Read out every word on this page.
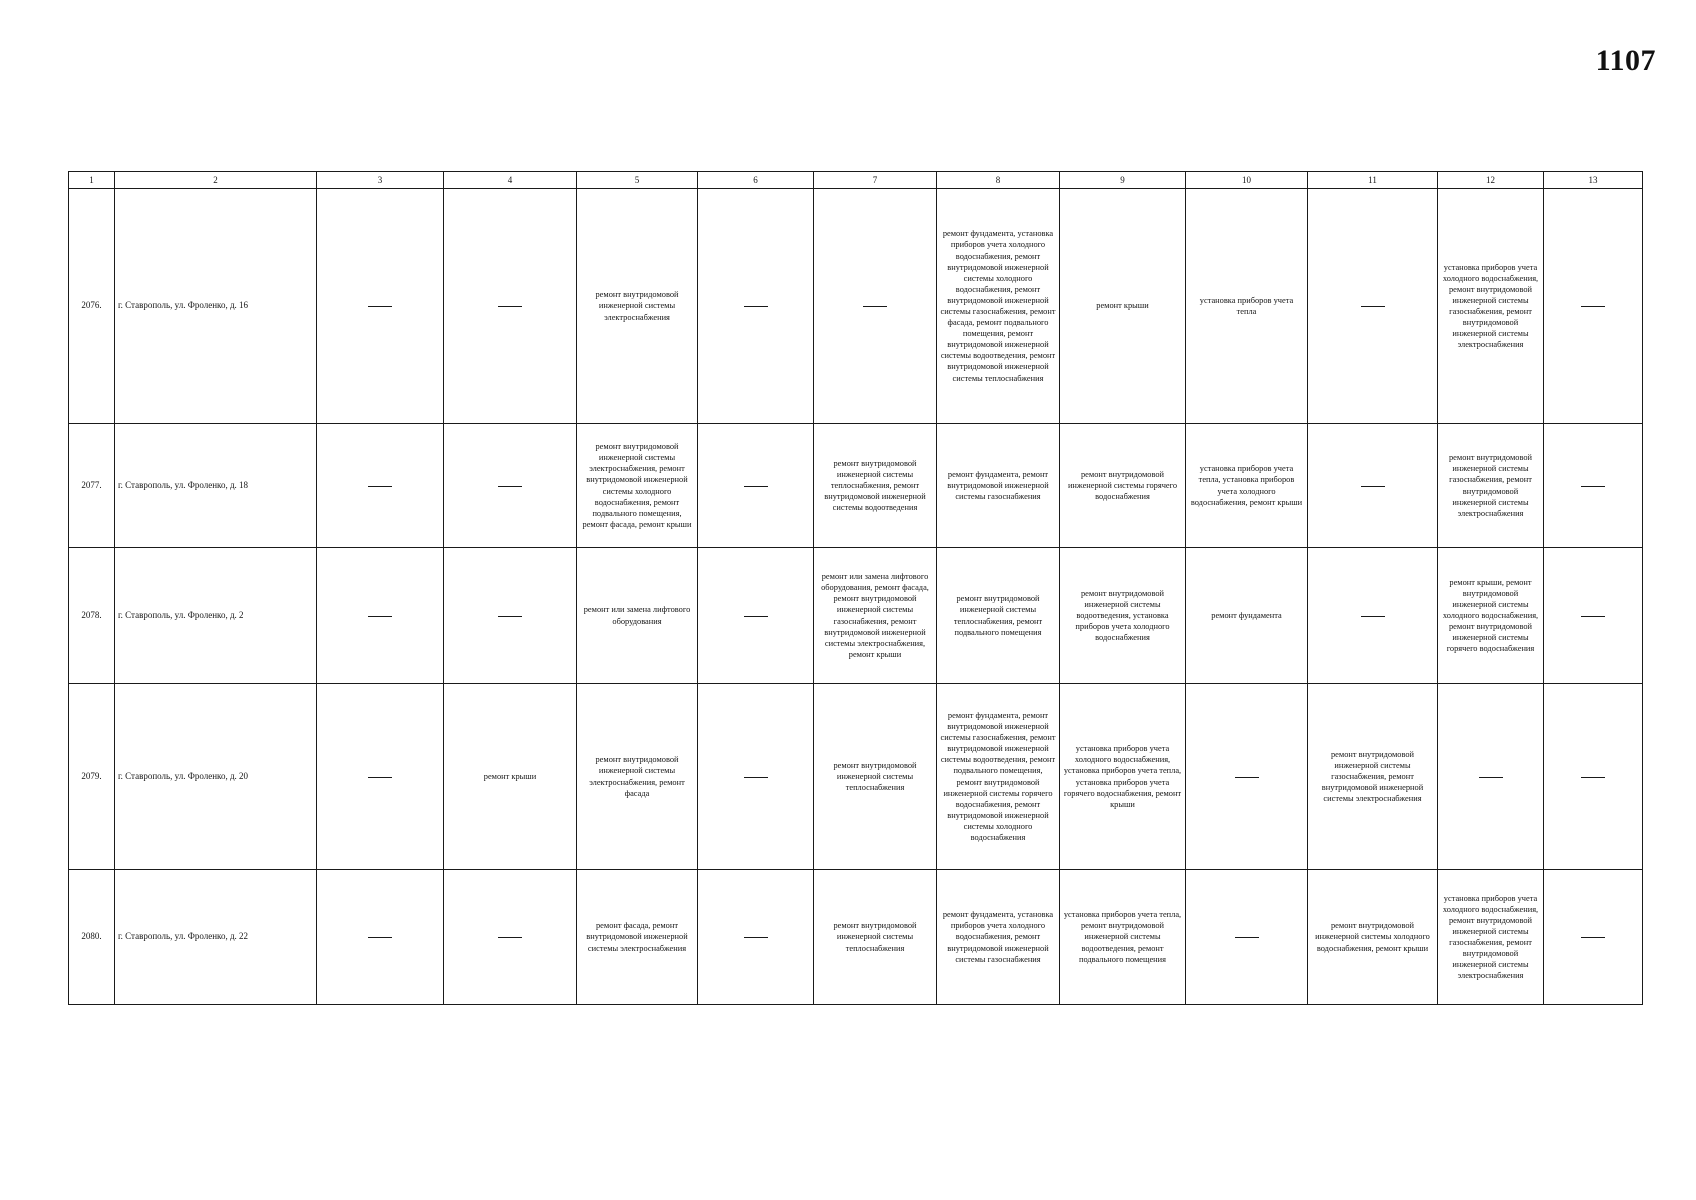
1107
1	2	3	4	5	6	7	8	9	10	11	12	13
2076.	г. Ставрополь, ул. Фроленко, д. 16			ремонт внутридомовой инженерной системы электроснабжения			ремонт фундамента, установка приборов учета холодного водоснабжения, ремонт внутридомовой инженерной системы холодного водоснабжения, ремонт внутридомовой инженерной системы газоснабжения, ремонт фасада, ремонт подвального помещения, ремонт внутридомовой инженерной системы водоотведения, ремонт внутридомовой инженерной системы теплоснабжения	ремонт крыши	установка приборов учета тепла		установка приборов учета холодного водоснабжения, ремонт внутридомовой инженерной системы газоснабжения, ремонт внутридомовой инженерной системы электроснабжения	
2077.	г. Ставрополь, ул. Фроленко, д. 18			ремонт внутридомовой инженерной системы электроснабжения, ремонт внутридомовой инженерной системы холодного водоснабжения, ремонт подвального помещения, ремонт фасада, ремонт крыши		ремонт внутридомовой инженерной системы теплоснабжения, ремонт внутридомовой инженерной системы водоотведения	ремонт фундамента, ремонт внутридомовой инженерной системы газоснабжения	ремонт внутридомовой инженерной системы горячего водоснабжения	установка приборов учета тепла, установка приборов учета холодного водоснабжения, ремонт крыши		ремонт внутридомовой инженерной системы газоснабжения, ремонт внутридомовой инженерной системы электроснабжения	
2078.	г. Ставрополь, ул. Фроленко, д. 2			ремонт или замена лифтового оборудования		ремонт или замена лифтового оборудования, ремонт фасада, ремонт внутридомовой инженерной системы газоснабжения, ремонт внутридомовой инженерной системы электроснабжения, ремонт крыши	ремонт внутридомовой инженерной системы теплоснабжения, ремонт подвального помещения	ремонт внутридомовой инженерной системы водоотведения, установка приборов учета холодного водоснабжения	ремонт фундамента		ремонт крыши, ремонт внутридомовой инженерной системы холодного водоснабжения, ремонт внутридомовой инженерной системы горячего водоснабжения	
2079.	г. Ставрополь, ул. Фроленко, д. 20		ремонт крыши	ремонт внутридомовой инженерной системы электроснабжения, ремонт фасада		ремонт внутридомовой инженерной системы теплоснабжения	ремонт фундамента, ремонт внутридомовой инженерной системы газоснабжения, ремонт внутридомовой инженерной системы водоотведения, ремонт подвального помещения, ремонт внутридомовой инженерной системы горячего водоснабжения, ремонт внутридомовой инженерной системы холодного водоснабжения	установка приборов учета холодного водоснабжения, установка приборов учета тепла, установка приборов учета горячего водоснабжения, ремонт крыши		ремонт внутридомовой инженерной системы газоснабжения, ремонт внутридомовой инженерной системы электроснабжения		
2080.	г. Ставрополь, ул. Фроленко, д. 22			ремонт фасада, ремонт внутридомовой инженерной системы электроснабжения		ремонт внутридомовой инженерной системы теплоснабжения	ремонт фундамента, установка приборов учета холодного водоснабжения, ремонт внутридомовой инженерной системы газоснабжения	установка приборов учета тепла, ремонт внутридомовой инженерной системы водоотведения, ремонт подвального помещения		ремонт внутридомовой инженерной системы холодного водоснабжения, ремонт крыши	установка приборов учета холодного водоснабжения, ремонт внутридомовой инженерной системы газоснабжения, ремонт внутридомовой инженерной системы электроснабжения	
